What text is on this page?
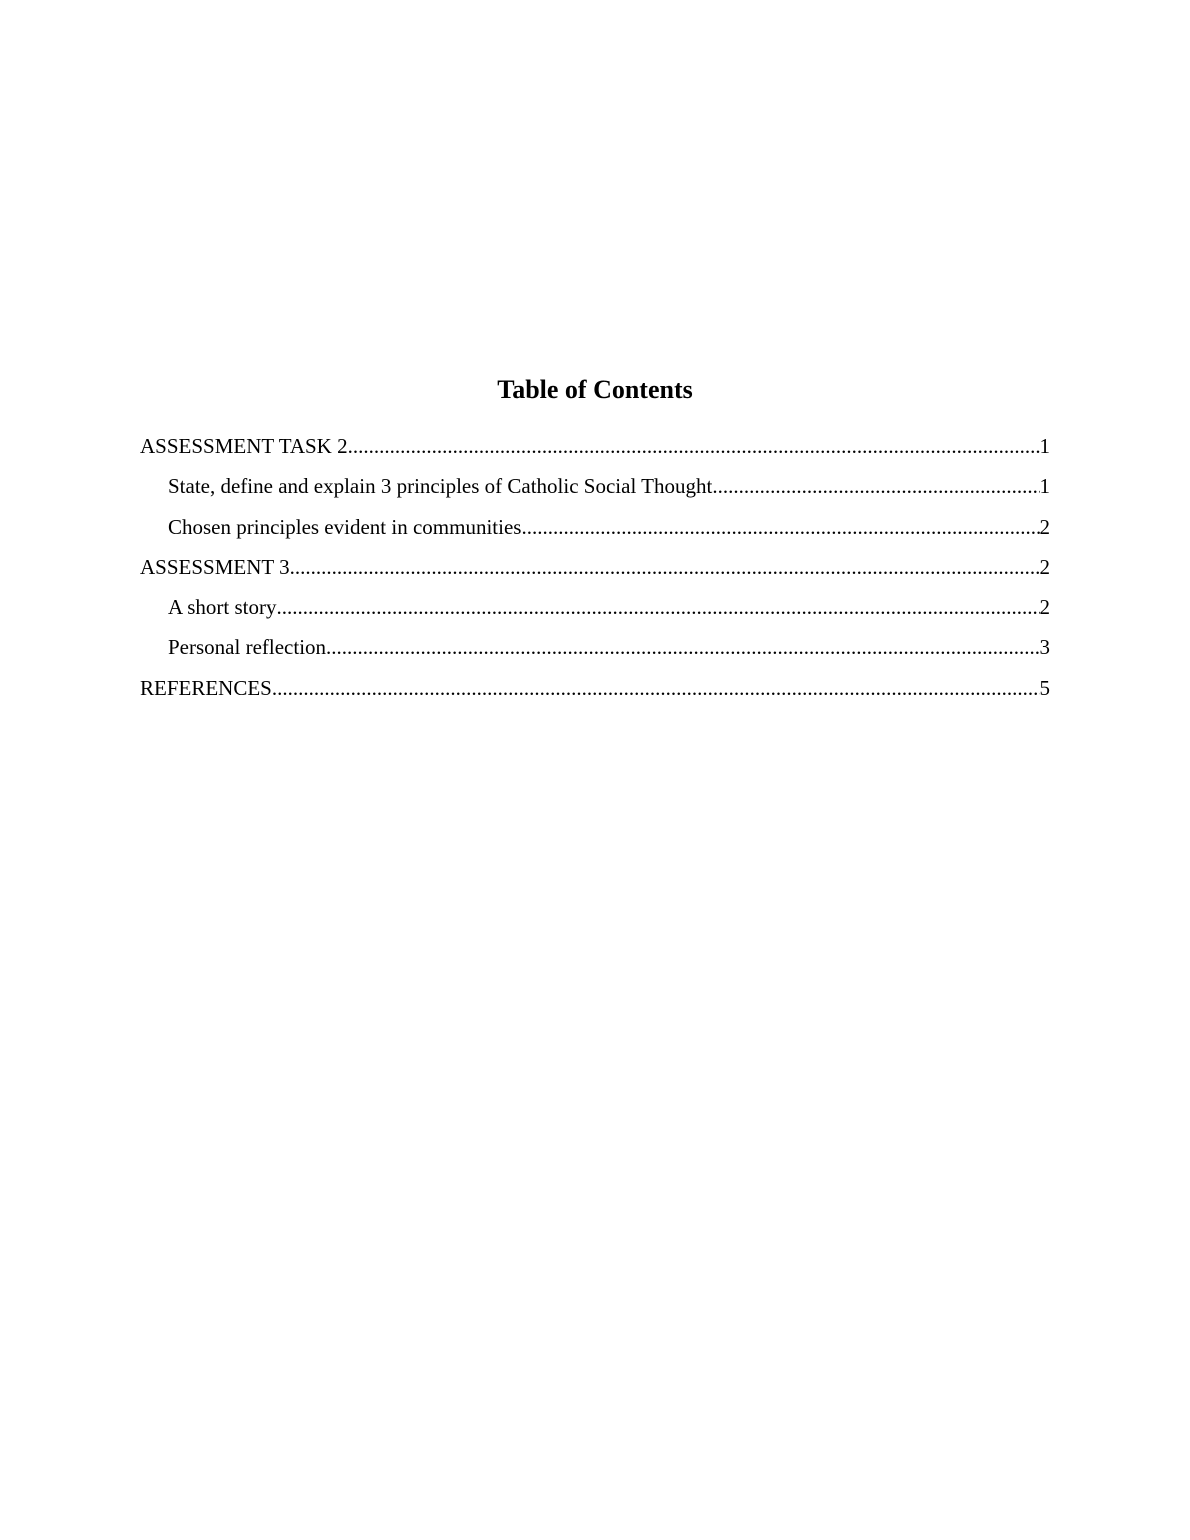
Table of Contents
ASSESSMENT TASK 2 .....	1
State, define and explain 3 principles of Catholic Social Thought .....	1
Chosen principles evident in communities .....	2
ASSESSMENT 3 .....	2
A short story .....	2
Personal reflection .....	3
REFERENCES .....	5
